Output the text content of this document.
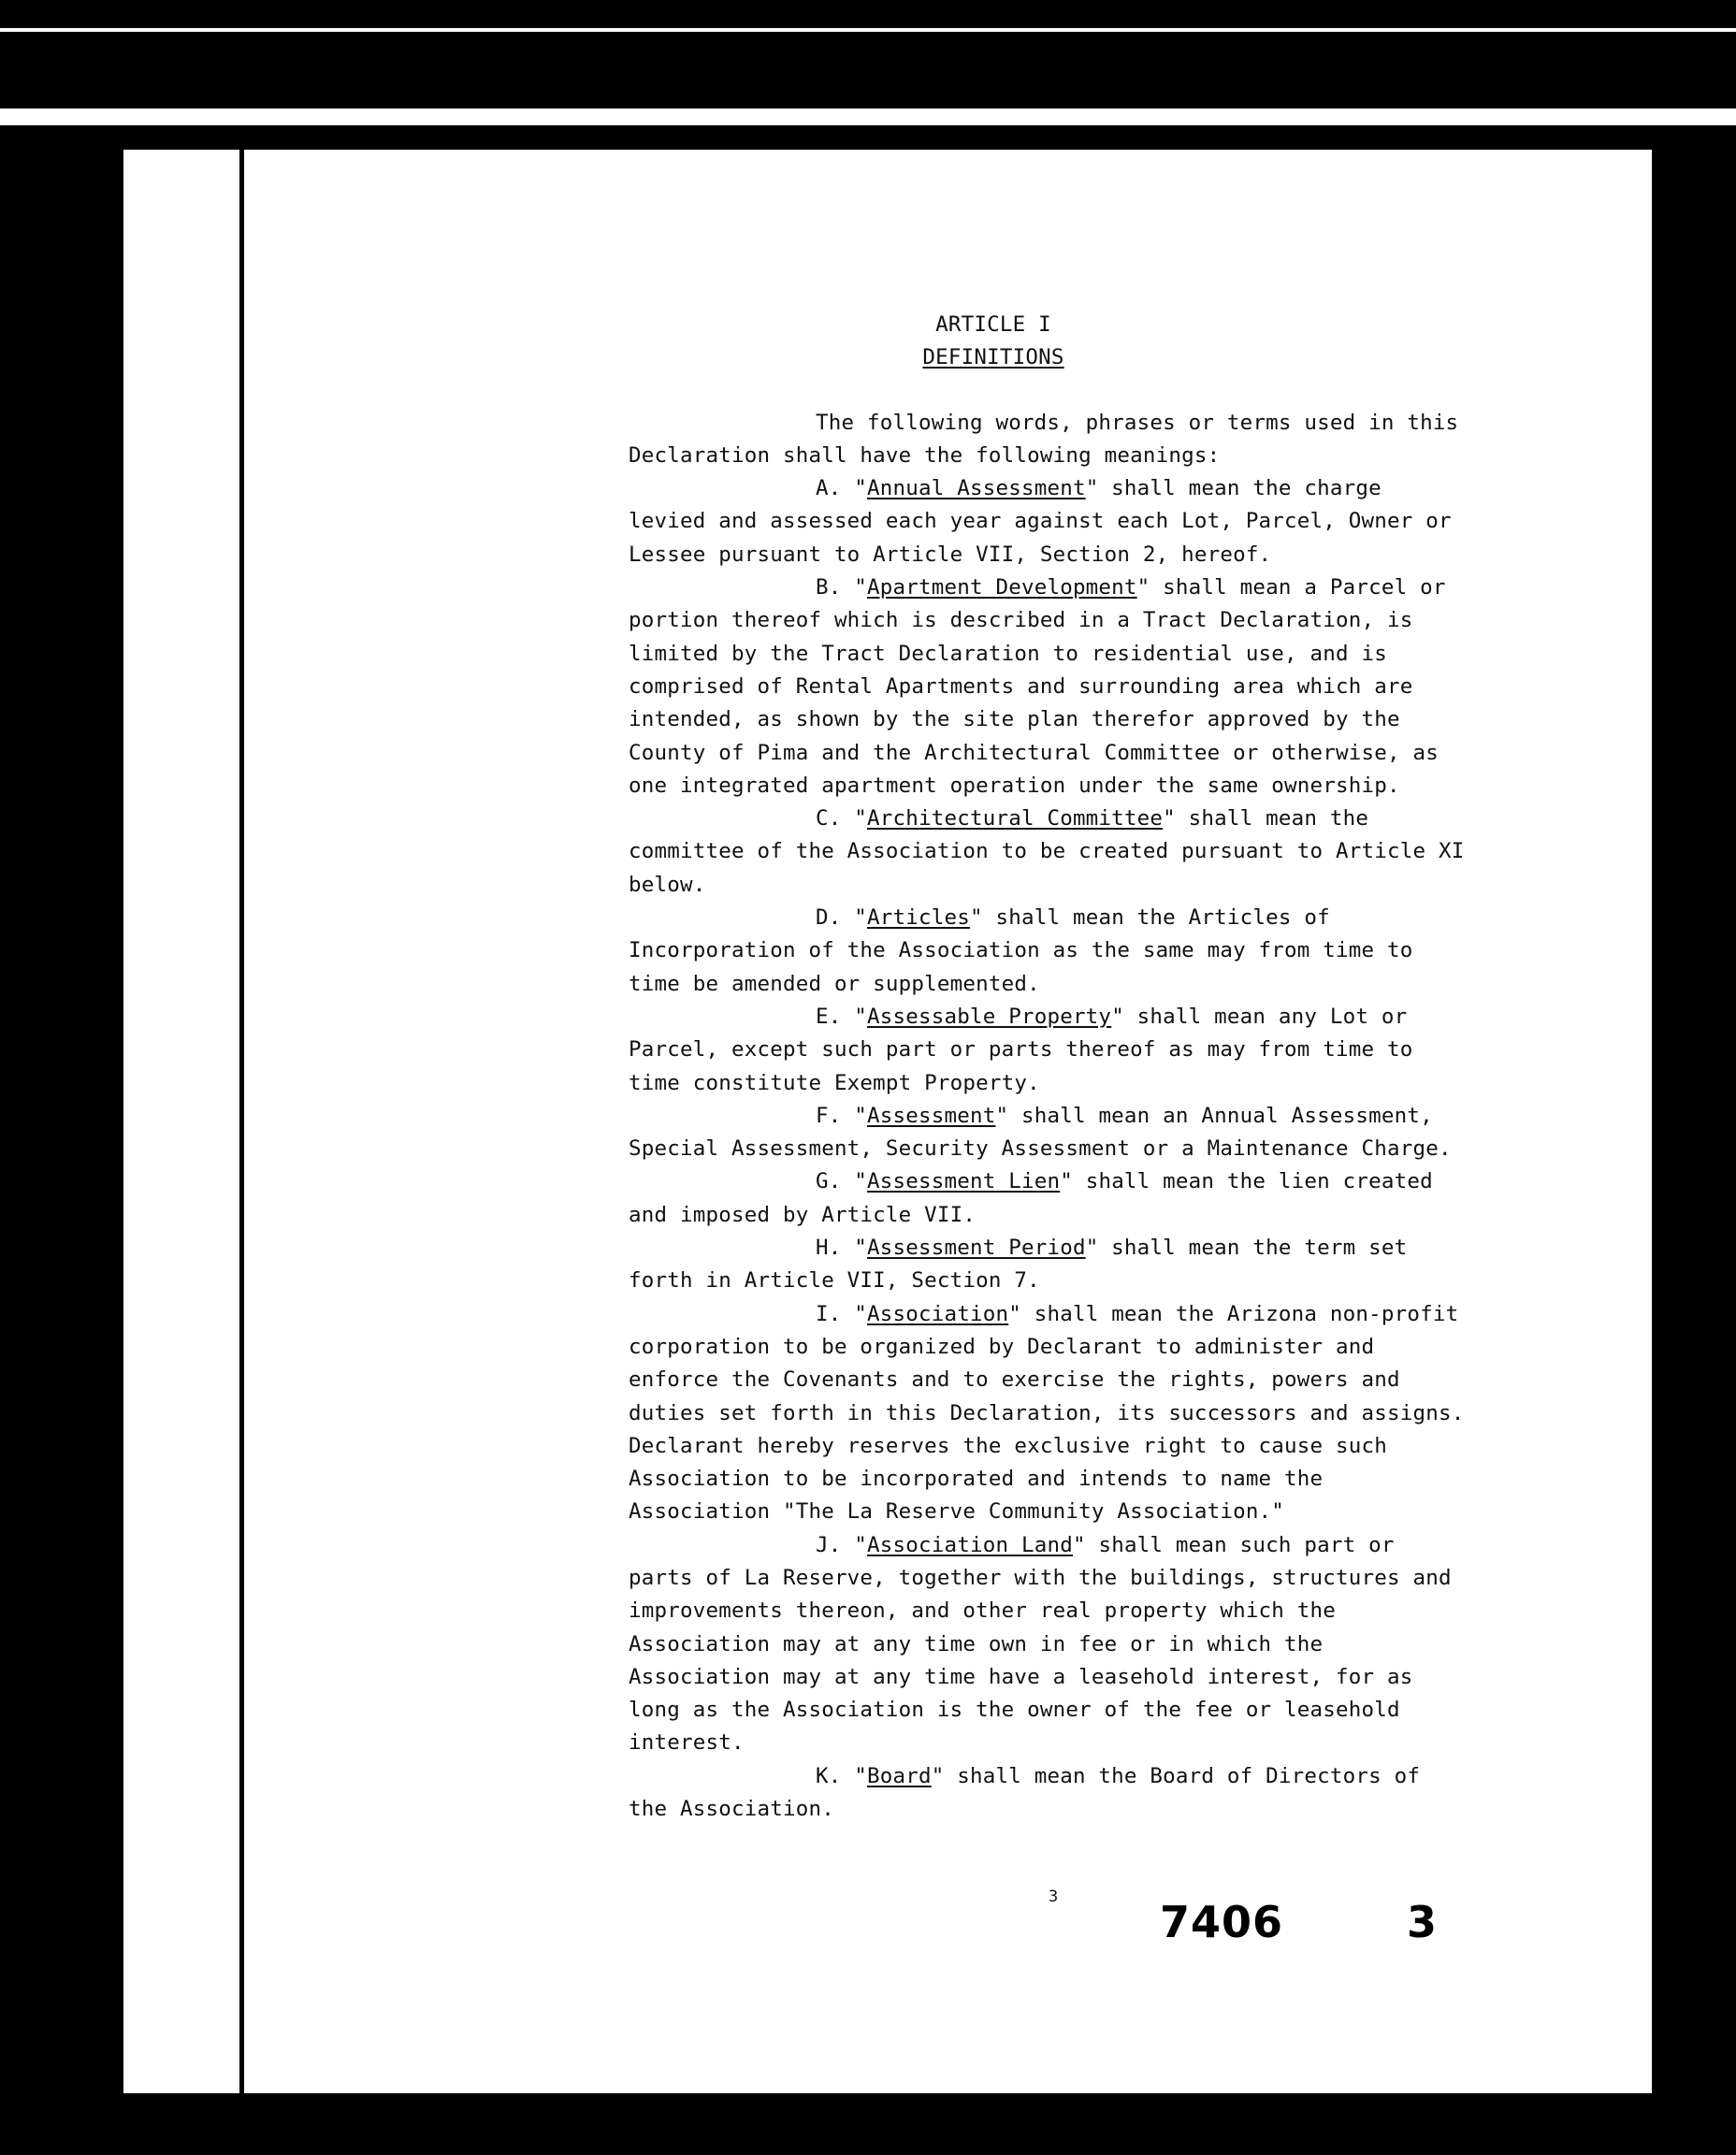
ARTICLE I
DEFINITIONS
The following words, phrases or terms used in this
Declaration shall have the following meanings:
A. "Annual Assessment" shall mean the charge
levied and assessed each year against each Lot, Parcel, Owner or
Lessee pursuant to Article VII, Section 2, hereof.
B. "Apartment Development" shall mean a Parcel or
portion thereof which is described in a Tract Declaration, is
limited by the Tract Declaration to residential use, and is
comprised of Rental Apartments and surrounding area which are
intended, as shown by the site plan therefor approved by the
County of Pima and the Architectural Committee or otherwise, as
one integrated apartment operation under the same ownership.
C. "Architectural Committee" shall mean the
committee of the Association to be created pursuant to Article XI
below.
D. "Articles" shall mean the Articles of
Incorporation of the Association as the same may from time to
time be amended or supplemented.
E. "Assessable Property" shall mean any Lot or
Parcel, except such part or parts thereof as may from time to
time constitute Exempt Property.
F. "Assessment" shall mean an Annual Assessment,
Special Assessment, Security Assessment or a Maintenance Charge.
G. "Assessment Lien" shall mean the lien created
and imposed by Article VII.
H. "Assessment Period" shall mean the term set
forth in Article VII, Section 7.
I. "Association" shall mean the Arizona non-profit
corporation to be organized by Declarant to administer and
enforce the Covenants and to exercise the rights, powers and
duties set forth in this Declaration, its successors and assigns.
Declarant hereby reserves the exclusive right to cause such
Association to be incorporated and intends to name the
Association "The La Reserve Community Association."
J. "Association Land" shall mean such part or
parts of La Reserve, together with the buildings, structures and
improvements thereon, and other real property which the
Association may at any time own in fee or in which the
Association may at any time have a leasehold interest, for as
long as the Association is the owner of the fee or leasehold
interest.
K. "Board" shall mean the Board of Directors of
the Association.
3 7406	3
